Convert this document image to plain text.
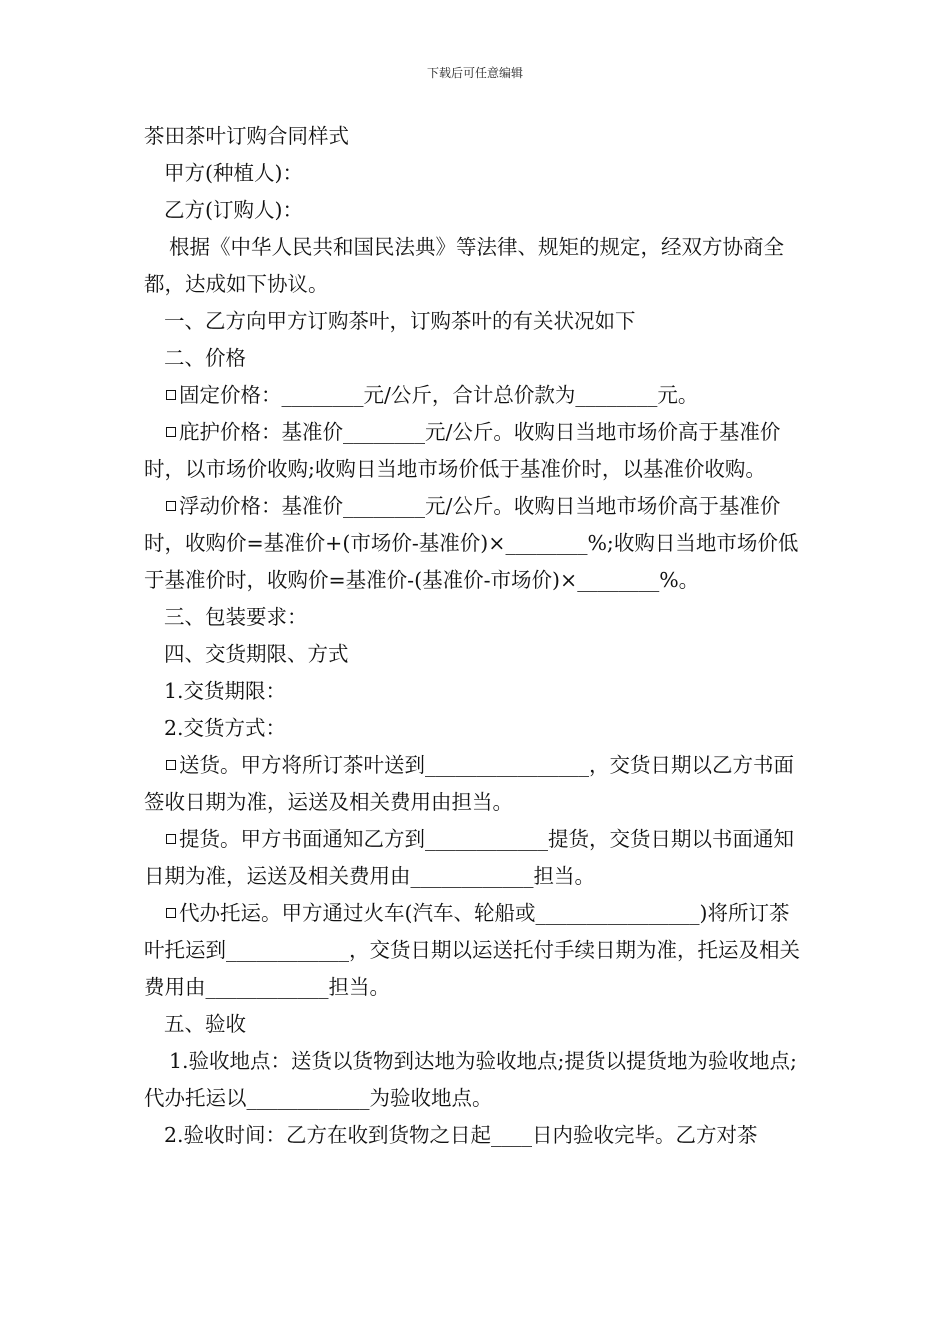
下载后可任意编辑

茶田茶叶订购合同样式

甲方(种植人)：

乙方(订购人)：

根据《中华人民共和国民法典》等法律、规矩的规定，经双方协商全都，达成如下协议。

一、乙方向甲方订购茶叶，订购茶叶的有关状况如下

二、价格

固定价格：________元/公斤，合计总价款为________元。

庇护价格：基准价________元/公斤。收购日当地市场价高于基准价时，以市场价收购;收购日当地市场价低于基准价时，以基准价收购。

浮动价格：基准价________元/公斤。收购日当地市场价高于基准价时，收购价=基准价+(市场价-基准价)×________%;收购日当地市场价低于基准价时，收购价=基准价-(基准价-市场价)×________%。

三、包装要求：

四、交货期限、方式

1.交货期限：

2.交货方式：

送货。甲方将所订茶叶送到________________，交货日期以乙方书面签收日期为准，运送及相关费用由担当。

提货。甲方书面通知乙方到____________提货，交货日期以书面通知日期为准，运送及相关费用由____________担当。

代办托运。甲方通过火车(汽车、轮船或________________)将所订茶叶托运到____________，交货日期以运送托付手续日期为准，托运及相关费用由____________担当。

五、验收

1.验收地点：送货以货物到达地为验收地点;提货以提货地为验收地点;代办托运以____________为验收地点。

2.验收时间：乙方在收到货物之日起____日内验收完毕。乙方对茶
